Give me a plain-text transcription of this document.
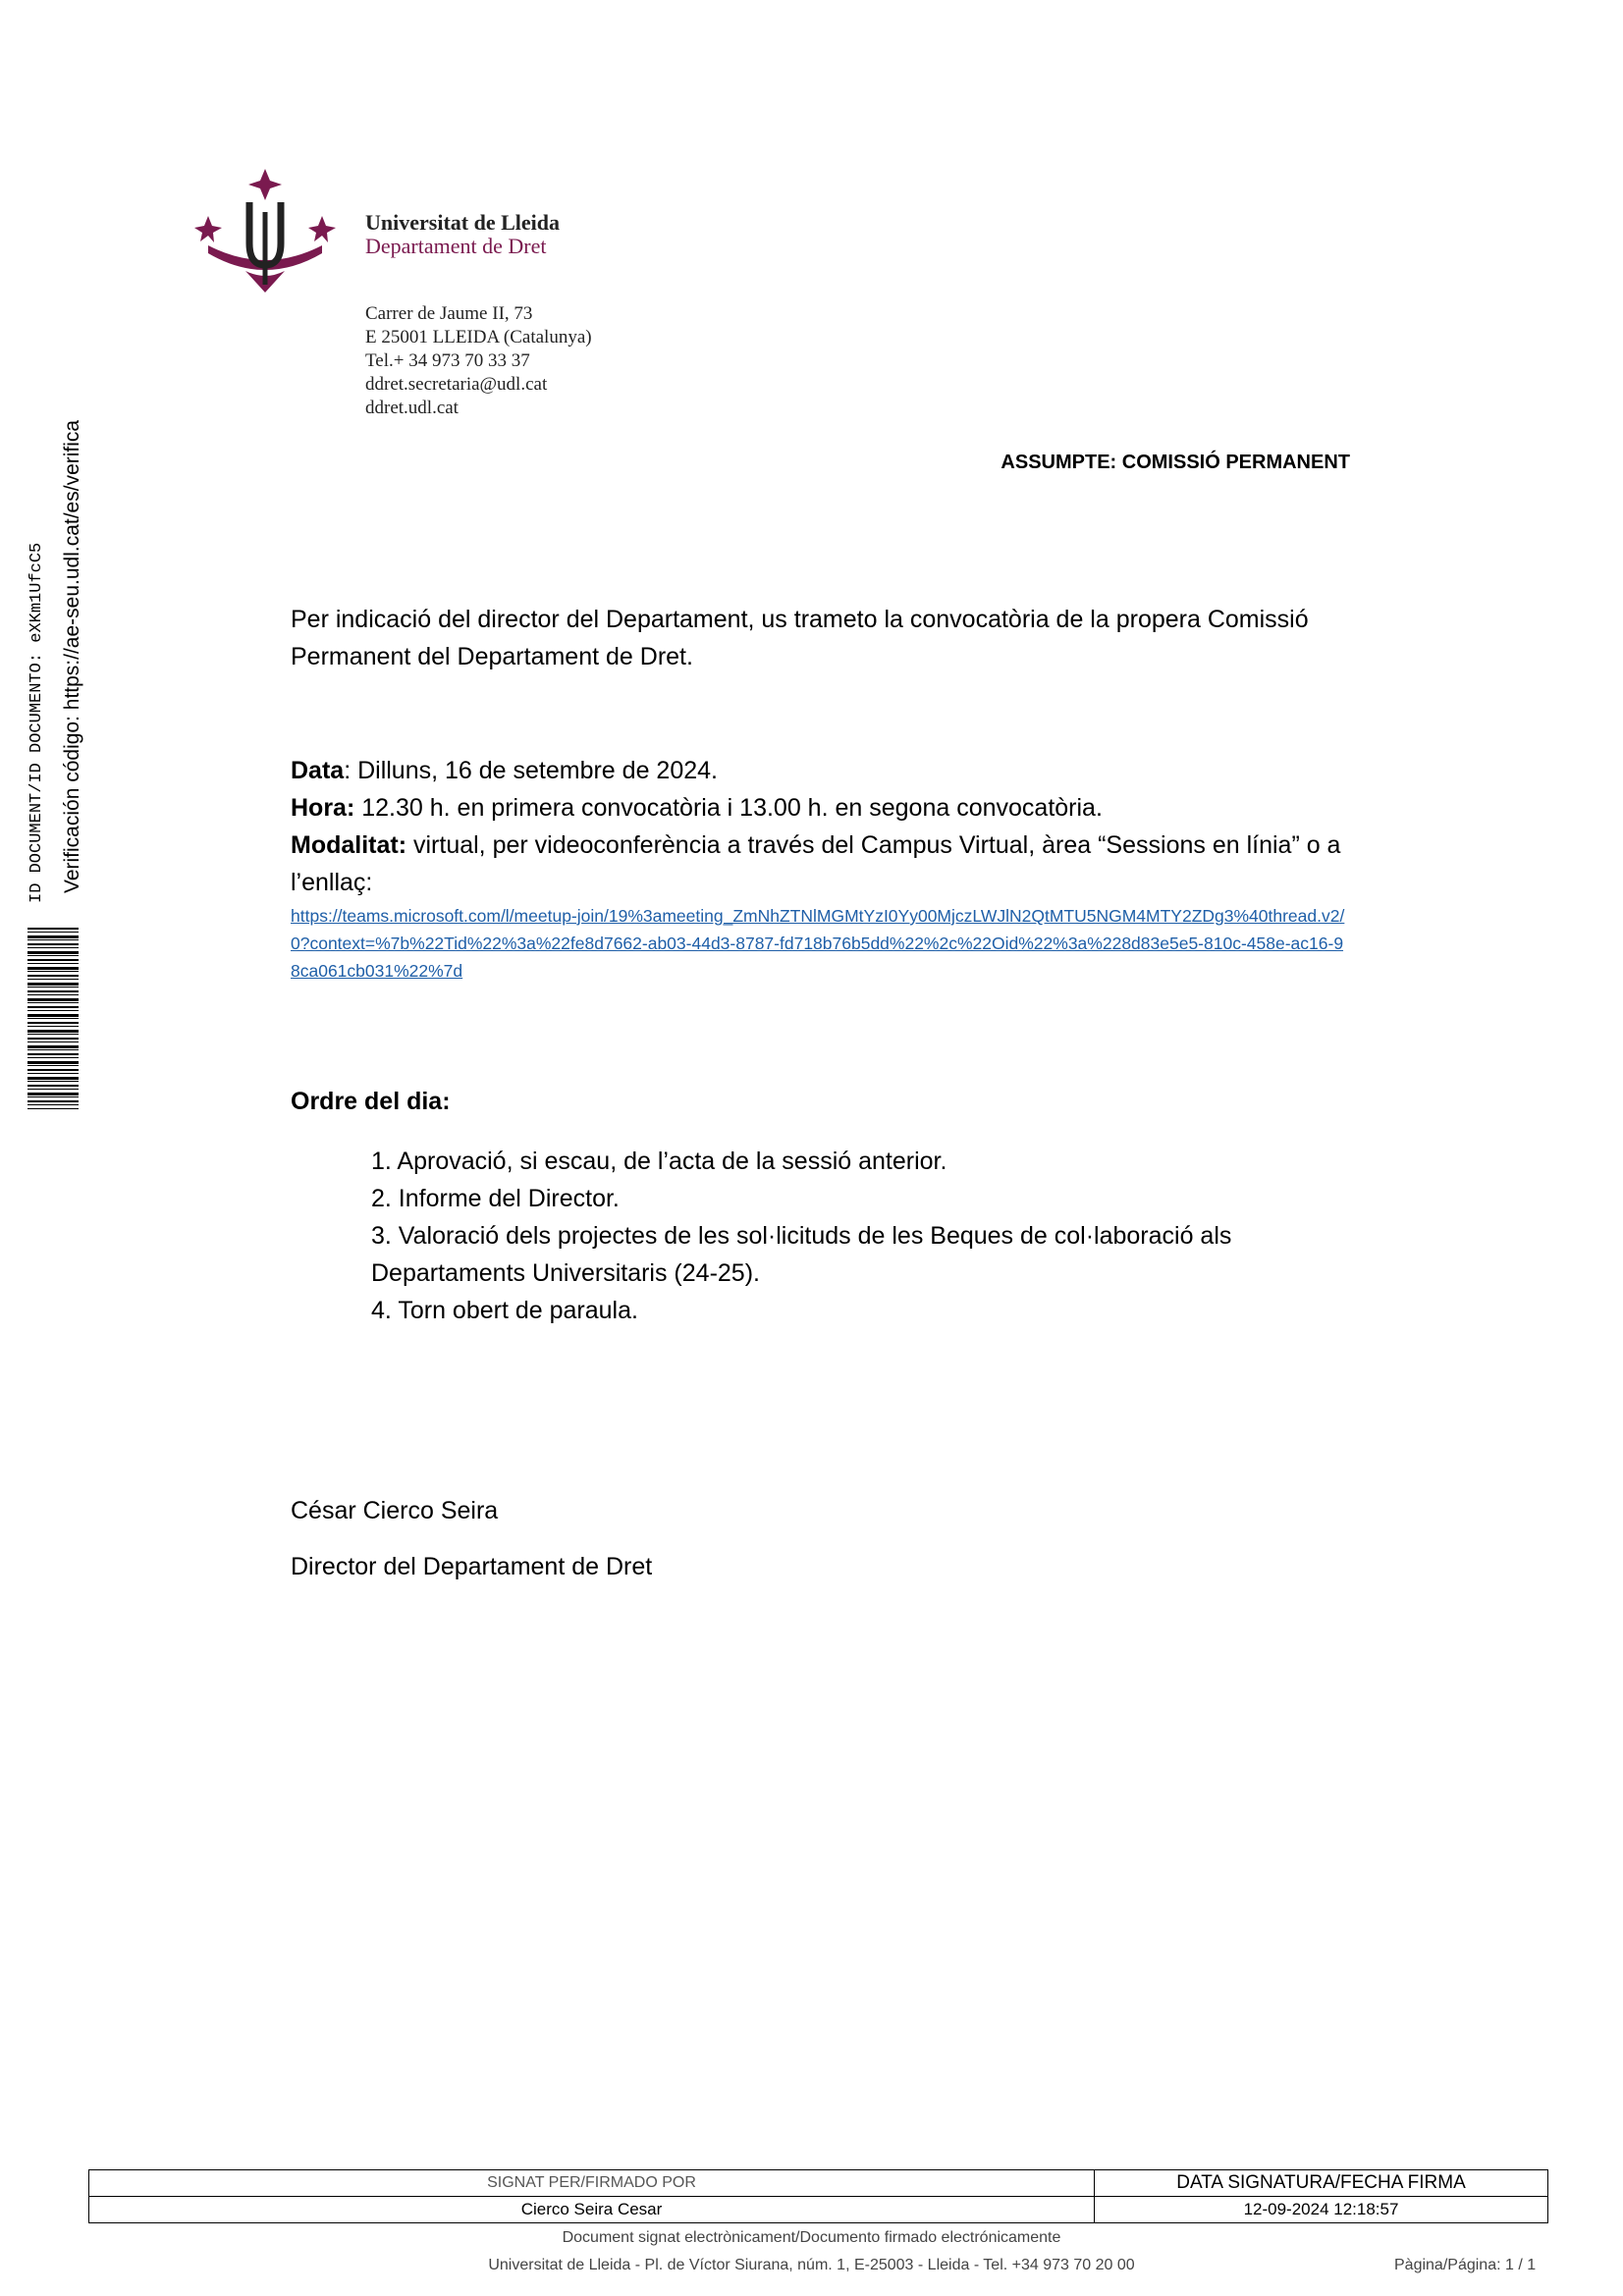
ID DOCUMENT/ID DOCUMENTO: eXKm1UfcC5 Verificación código: https://ae-seu.udl.cat/es/verifica
Universitat de Lleida
Departament de Dret
Carrer de Jaume II, 73
E 25001 LLEIDA (Catalunya)
Tel.+ 34 973 70 33 37
ddret.secretaria@udl.cat
ddret.udl.cat
ASSUMPTE: COMISSIÓ PERMANENT
Per indicació del director del Departament, us trameto la convocatòria de la propera Comissió Permanent del Departament de Dret.
Data: Dilluns, 16 de setembre de 2024.
Hora: 12.30 h. en primera convocatòria i 13.00 h. en segona convocatòria.
Modalitat: virtual, per videoconferència a través del Campus Virtual, àrea “Sessions en línia” o a l’enllaç:
https://teams.microsoft.com/l/meetup-join/19%3ameeting_ZmNhZTNlMGMtYzI0Yy00MjczLWJlN2QtMTU5NGM4MTY2ZDg3%40thread.v2/0?context=%7b%22Tid%22%3a%22fe8d7662-ab03-44d3-8787-fd718b76b5dd%22%2c%22Oid%22%3a%228d83e5e5-810c-458e-ac16-98ca061cb031%22%7d
Ordre del dia:
1. Aprovació, si escau, de l’acta de la sessió anterior.
2. Informe del Director.
3. Valoració dels projectes de les sol·licituds de les Beques de col·laboració als Departaments Universitaris (24-25).
4. Torn obert de paraula.
César Cierco Seira
Director del Departament de Dret
SIGNAT PER/FIRMADO POR	DATA SIGNATURA/FECHA FIRMA
Cierco Seira Cesar	12-09-2024 12:18:57
Document signat electrònicament/Documento firmado electrónicamente
Universitat de Lleida - Pl. de Víctor Siurana, núm. 1, E-25003 - Lleida - Tel. +34 973 70 20 00	Pàgina/Página: 1 / 1
